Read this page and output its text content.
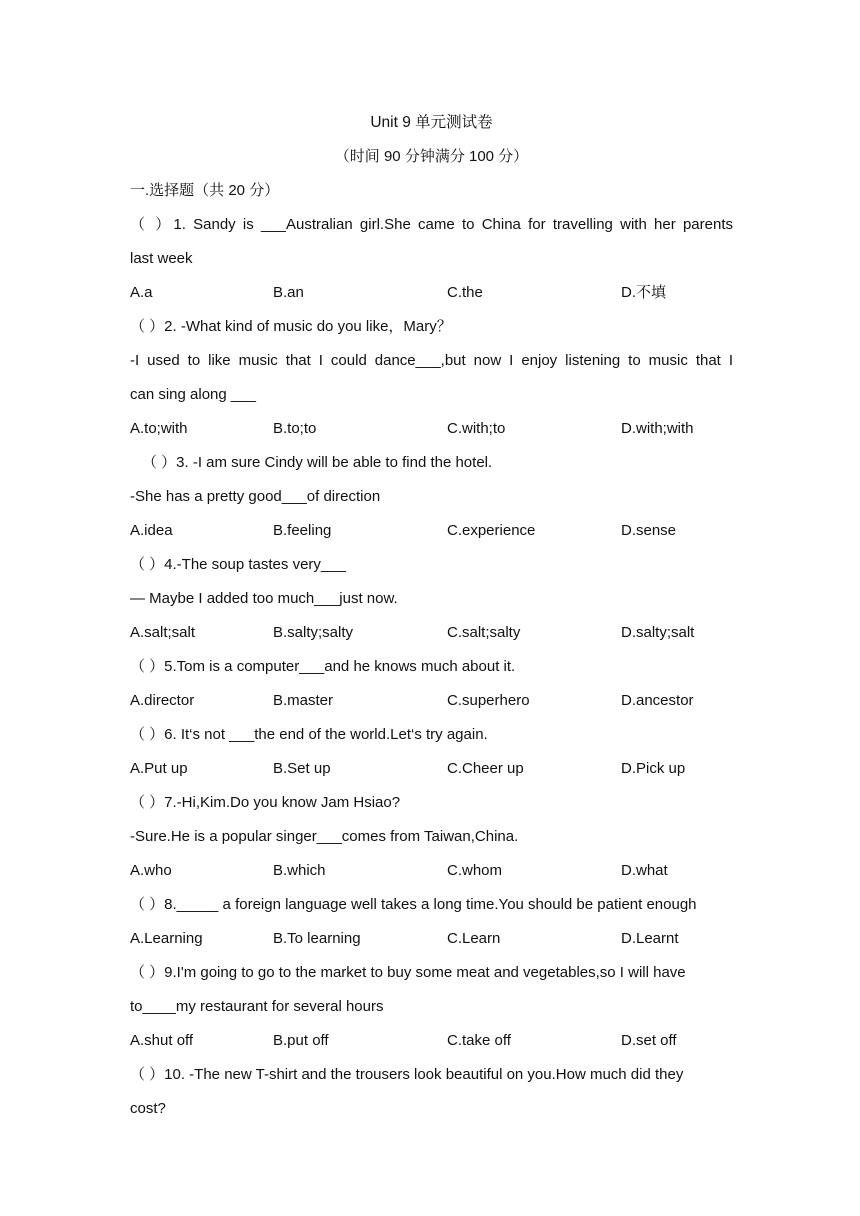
Unit 9 单元测试卷
（时间 90 分钟满分 100 分）
一.选择题（共 20 分）
（ ）1. Sandy is ___Australian girl.She came to China for travelling with her parents
last week
A.a	B.an	C.the	D.不填
（ ）2. -What kind of music do you like，Mary？
-I used to like music that I could dance___,but now I enjoy listening to music that I
can sing along ___
A.to;with	B.to;to	C.with;to	D.with;with
（ ）3. -I am sure Cindy will be able to find the hotel.
-She has a pretty good___of direction
A.idea	B.feeling	C.experience	D.sense
（ ）4.-The soup tastes very___
— Maybe I added too much___just now.
A.salt;salt	B.salty;salty	C.salt;salty	D.salty;salt
（ ）5.Tom is a computer___and he knows much about it.
A.director	B.master	C.superhero	D.ancestor
（ ）6. It‘s not ___the end of the world.Let‘s try again.
A.Put up	B.Set up	C.Cheer up	D.Pick up
（ ）7.-Hi,Kim.Do you know Jam Hsiao?
-Sure.He is a popular singer___comes from Taiwan,China.
A.who	B.which	C.whom	D.what
（ ）8._____ a foreign language well takes a long time.You should be patient enough
A.Learning	B.To learning	C.Learn	D.Learnt
（ ）9.I'm going to go to the market to buy some meat and vegetables,so I will have
to____my restaurant for several hours
A.shut off	B.put off	C.take off	D.set off
（ ）10. -The new T-shirt and the trousers look beautiful on you.How much did they
cost?
